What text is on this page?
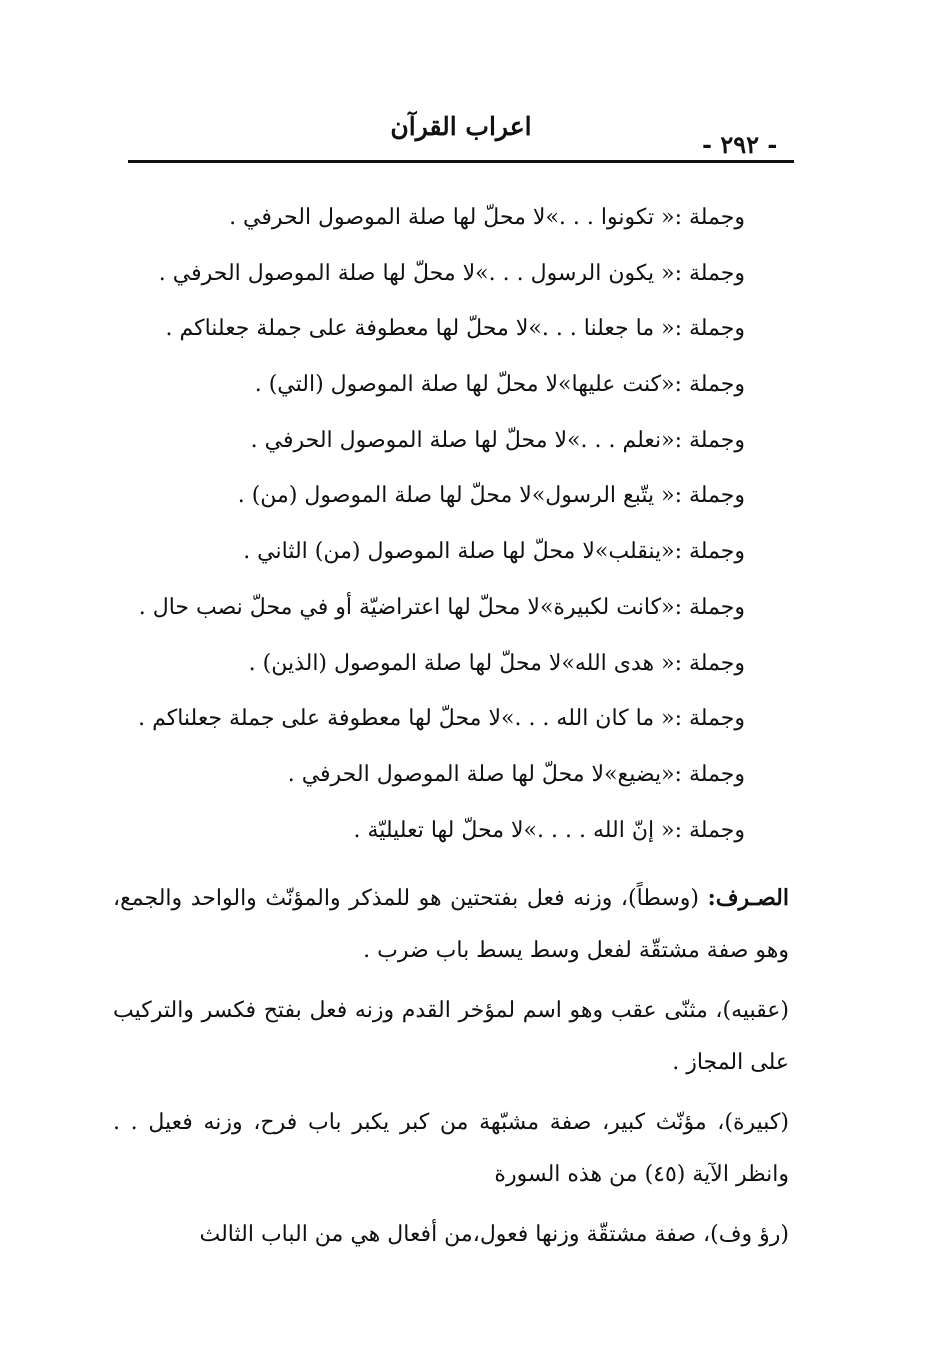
اعراب القرآن
- ٢٩٢ -
وجملة :« تكونوا . . .»لا محلّ لها صلة الموصول الحرفي .
وجملة :« يكون الرسول . . .»لا محلّ لها صلة الموصول الحرفي .
وجملة :« ما جعلنا . . .»لا محلّ لها معطوفة على جملة جعلناكم .
وجملة :«كنت عليها»لا محلّ لها صلة الموصول (التي) .
وجملة :«نعلم . . .»لا محلّ لها صلة الموصول الحرفي .
وجملة :« يتّبع الرسول»لا محلّ لها صلة الموصول (من) .
وجملة :«ينقلب»لا محلّ لها صلة الموصول (من) الثاني .
وجملة :«كانت لكبيرة»لا محلّ لها اعتراضيّة أو في محلّ نصب حال .
وجملة :« هدى الله»لا محلّ لها صلة الموصول (الذين) .
وجملة :« ما كان الله . . .»لا محلّ لها معطوفة على جملة جعلناكم .
وجملة :«يضيع»لا محلّ لها صلة الموصول الحرفي .
وجملة :« إنّ الله . . . .»لا محلّ لها تعليليّة .

الصـرف: (وسطاً)، وزنه فعل بفتحتين هو للمذكر والمؤنّث والواحد والجمع، وهو صفة مشتقّة لفعل وسط يسط باب ضرب .

(عقبيه)، مثنّى عقب وهو اسم لمؤخر القدم وزنه فعل بفتح فكسر والتركيب على المجاز .

(كبيرة)، مؤنّث كبير، صفة مشبّهة من كبر يكبر باب فرح، وزنه فعيل . . وانظر الآية (٤٥) من هذه السورة

(رؤ وف)، صفة مشتقّة وزنها فعول،من أفعال هي من الباب الثالث
